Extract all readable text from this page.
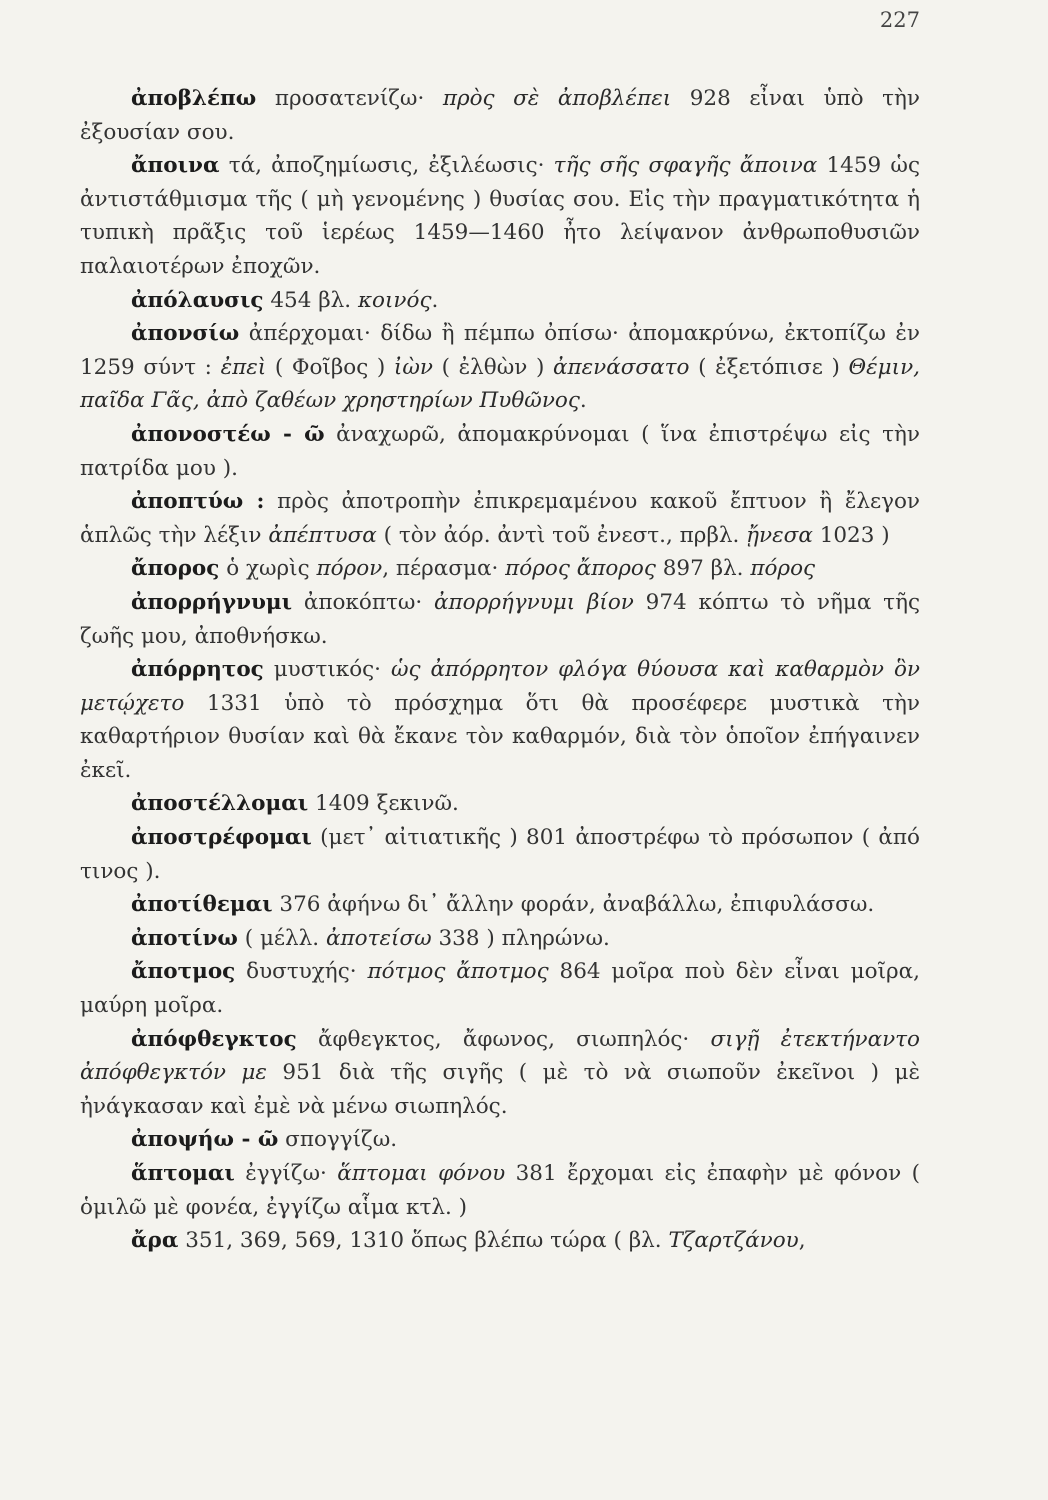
227

ἀποβλέπω προσατενίζω· πρὸς σὲ ἀποβλέπει 928 εἶναι ὑπὸ τὴν ἐξουσίαν σου.

ἄποινα τά, ἀποζημίωσις, ἐξιλέωσις· τῆς σῆς σφαγῆς ἄποινα 1459 ὡς ἀντιστάθμισμα τῆς ( μὴ γενομένης ) θυσίας σου. Εἰς τὴν πραγματικότητα ἡ τυπικὴ πρᾶξις τοῦ ἱερέως 1459—1460 ἦτο λείψανον ἀνθρωποθυσιῶν παλαιοτέρων ἐποχῶν.

ἀπόλαυσις 454 βλ. κοινός.

ἀπονσίω ἀπέρχομαι· δίδω ἢ πέμπω ὀπίσω· ἀπομακρύνω, ἐκτοπίζω ἐν 1259 σύντ : ἐπεὶ ( Φοῖβος ) ἰὼν ( ἐλθὼν ) ἀπενάσσατο ( ἐξετόπισε ) Θέμιν, παῖδα Γᾶς, ἀπὸ ζαθέων χρηστηρίων Πυθῶνος.

ἀπονοστέω - ῶ ἀναχωρῶ, ἀπομακρύνομαι ( ἵνα ἐπιστρέψω εἰς τὴν πατρίδα μου ).

ἀποπτύω : πρὸς ἀποτροπὴν ἐπικρεμαμένου κακοῦ ἔπτυον ἢ ἔλεγον ἁπλῶς τὴν λέξιν ἀπέπτυσα ( τὸν ἀόρ. ἀντὶ τοῦ ἐνεστ., πρβλ. ᾔνεσα 1023 )

ἄπορος ὁ χωρὶς πόρον, πέρασμα· πόρος ἄπορος 897 βλ. πόρος

ἀπορρήγνυμι ἀποκόπτω· ἀπορρήγνυμι βίον 974 κόπτω τὸ νῆμα τῆς ζωῆς μου, ἀποθνήσκω.

ἀπόρρητος μυστικός· ὡς ἀπόρρητον φλόγα θύουσα καὶ καθαρμὸν ὃν μετῴχετο 1331 ὑπὸ τὸ πρόσχημα ὅτι θὰ προσέφερε μυστικὰ τὴν καθαρτήριον θυσίαν καὶ θὰ ἔκανε τὸν καθαρμόν, διὰ τὸν ὁποῖον ἐπήγαινεν ἐκεῖ.

ἀποστέλλομαι 1409 ξεκινῶ.

ἀποστρέφομαι (μετ᾽ αἰτιατικῆς ) 801 ἀποστρέφω τὸ πρόσωπον ( ἀπό τινος ).

ἀποτίθεμαι 376 ἀφήνω δι᾽ ἄλλην φοράν, ἀναβάλλω, ἐπιφυλάσσω.

ἀποτίνω ( μέλλ. ἀποτείσω 338 ) πληρώνω.

ἄποτμος δυστυχής· πότμος ἄποτμος 864 μοῖρα ποὺ δὲν εἶναι μοῖρα, μαύρη μοῖρα.

ἀπόφθεγκτος ἄφθεγκτος, ἄφωνος, σιωπηλός· σιγῇ ἐτεκτήναντο ἀπόφθεγκτόν με 951 διὰ τῆς σιγῆς ( μὲ τὸ νὰ σιωποῦν ἐκεῖνοι ) μὲ ἠνάγκασαν καὶ ἐμὲ νὰ μένω σιωπηλός.

ἀποψήω - ῶ σπογγίζω.

ἅπτομαι ἐγγίζω· ἅπτομαι φόνου 381 ἔρχομαι εἰς ἐπαφὴν μὲ φόνον ( ὁμιλῶ μὲ φονέα, ἐγγίζω αἷμα κτλ. )

ἄρα 351, 369, 569, 1310 ὅπως βλέπω τώρα ( βλ. Τζαρτζάνου,
